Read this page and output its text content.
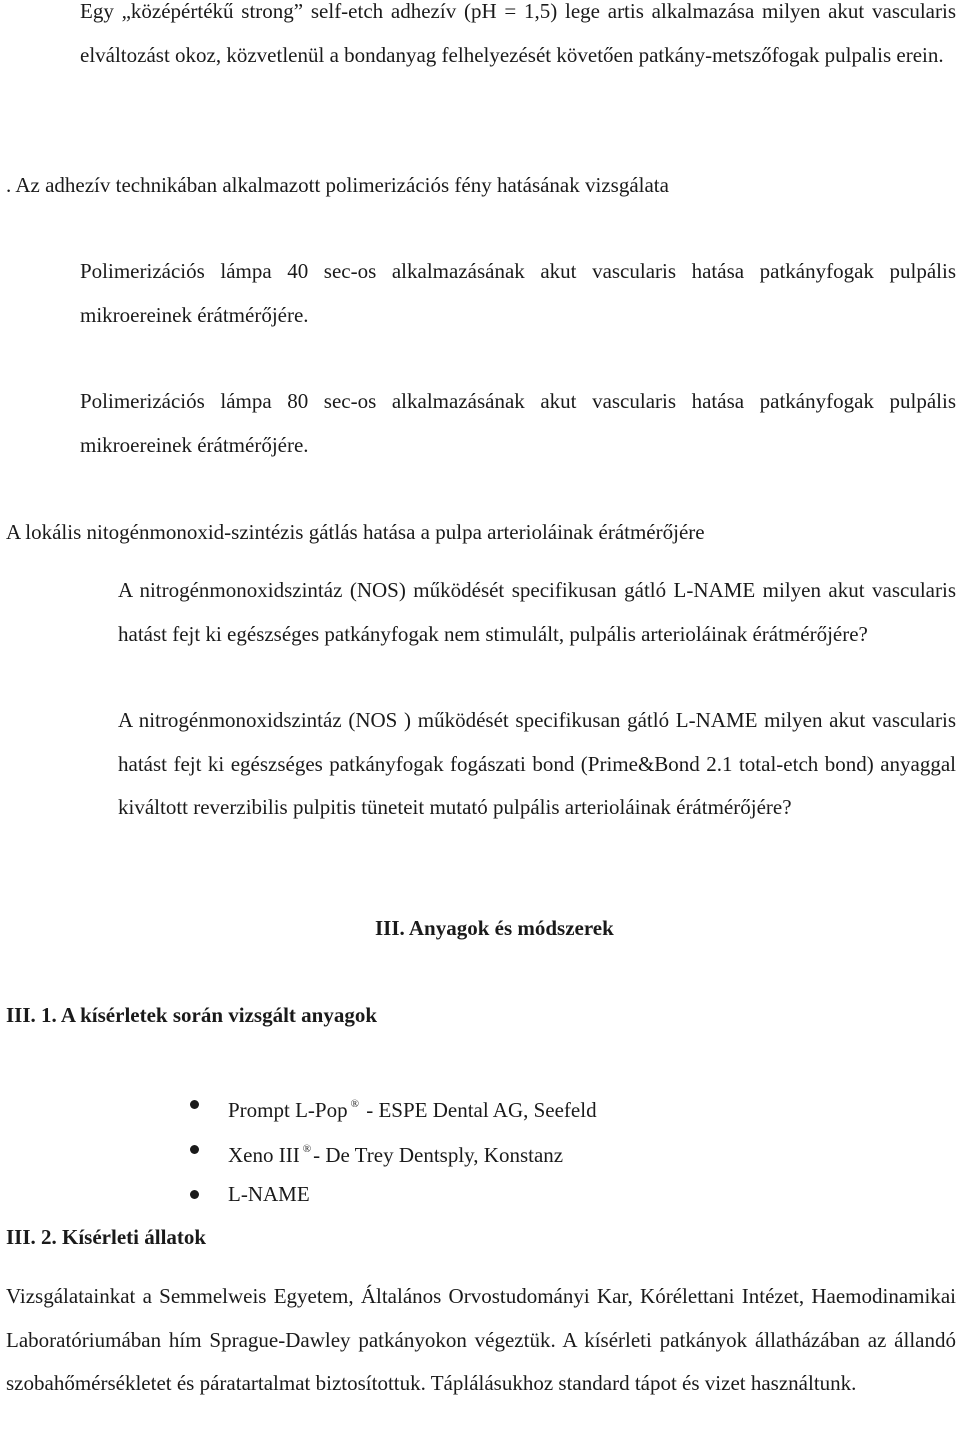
Egy „középértékű strong” self-etch adhezív (pH = 1,5) lege artis alkalmazása milyen akut vascularis elváltozást okoz, közvetlenül a bondanyag felhelyezését követően patkány-metszőfogak pulpalis erein.

. Az adhezív technikában alkalmazott polimerizációs fény hatásának vizsgálata

Polimerizációs lámpa 40 sec-os alkalmazásának akut vascularis hatása patkányfogak pulpális mikroereinek érátmérőjére.

Polimerizációs lámpa 80 sec-os alkalmazásának akut vascularis hatása patkányfogak pulpális mikroereinek érátmérőjére.

A lokális nitogénmonoxid-szintézis gátlás hatása a pulpa arterioláinak érátmérőjére

A nitrogénmonoxidszintáz (NOS) működését specifikusan gátló L-NAME milyen akut vascularis hatást fejt ki egészséges patkányfogak nem stimulált, pulpális arterioláinak érátmérőjére?

A nitrogénmonoxidszintáz (NOS ) működését specifikusan gátló L-NAME milyen akut vascularis hatást fejt ki egészséges patkányfogak fogászati bond (Prime&Bond 2.1 total-etch bond) anyaggal kiváltott reverzibilis pulpitis tüneteit mutató pulpális arterioláinak érátmérőjére?

III. Anyagok és módszerek

III. 1. A kísérletek során vizsgált anyagok

Prompt L-Pop ® - ESPE Dental AG, Seefeld
Xeno III ®- De Trey Dentsply, Konstanz
L-NAME

III. 2. Kísérleti állatok

Vizsgálatainkat a Semmelweis Egyetem, Általános Orvostudományi Kar, Kórélettani Intézet, Haemodinamikai Laboratóriumában hím Sprague-Dawley patkányokon végeztük. A kísérleti patkányok állatházában az állandó szobahőmérsékletet és páratartalmat biztosítottuk. Táplálásukhoz standard tápot és vizet használtunk.
